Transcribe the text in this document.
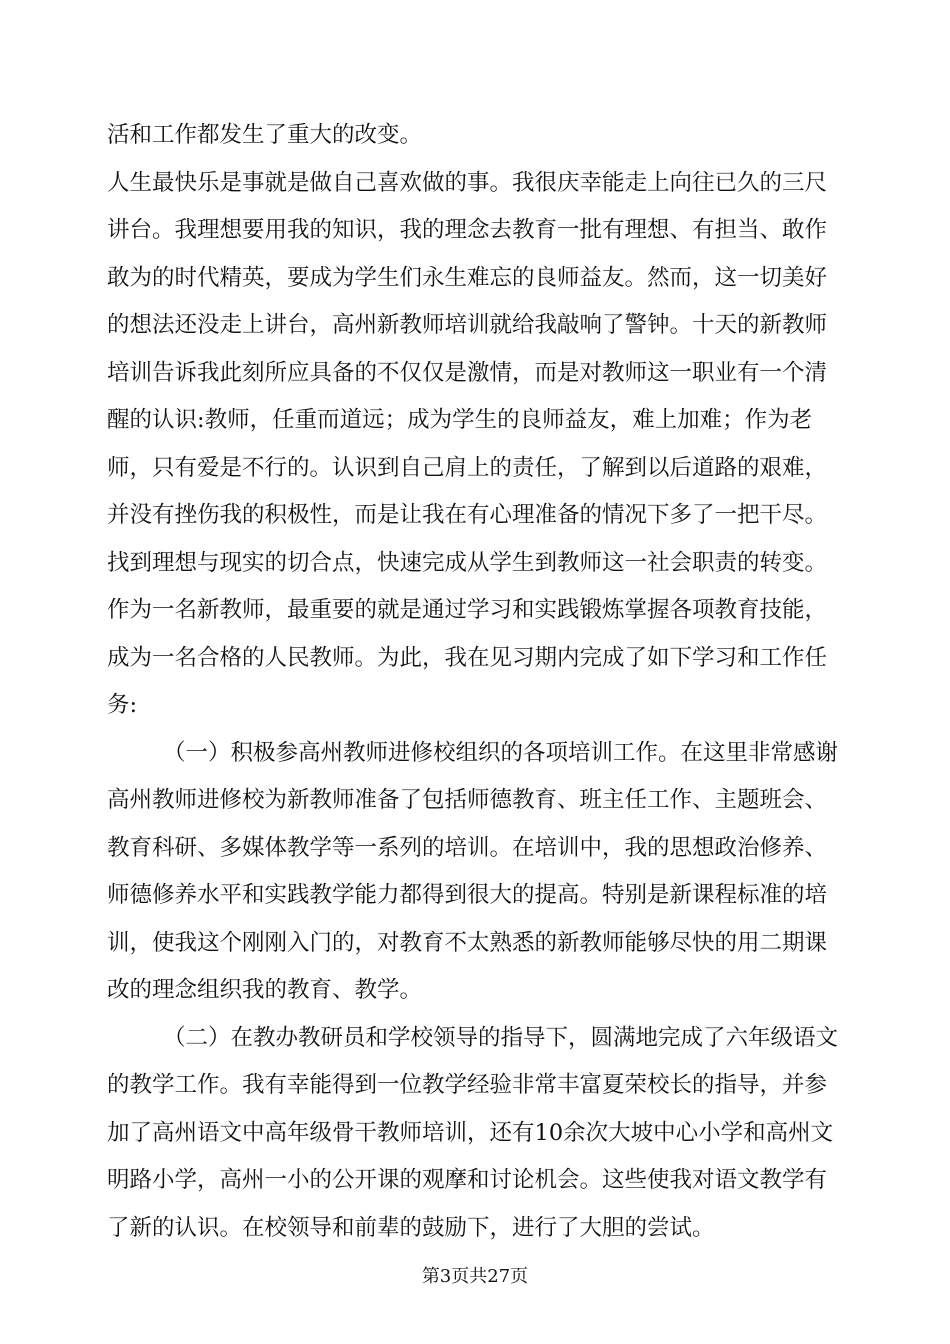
活和工作都发生了重大的改变。
人生最快乐是事就是做自己喜欢做的事。我很庆幸能走上向往已久的三尺
讲台。我理想要用我的知识，我的理念去教育一批有理想、有担当、敢作
敢为的时代精英，要成为学生们永生难忘的良师益友。然而，这一切美好
的想法还没走上讲台，高州新教师培训就给我敲响了警钟。十天的新教师
培训告诉我此刻所应具备的不仅仅是激情，而是对教师这一职业有一个清
醒的认识:教师，任重而道远；成为学生的良师益友，难上加难；作为老
师，只有爱是不行的。认识到自己肩上的责任，了解到以后道路的艰难，
并没有挫伤我的积极性，而是让我在有心理准备的情况下多了一把干尽。
找到理想与现实的切合点，快速完成从学生到教师这一社会职责的转变。
作为一名新教师，最重要的就是通过学习和实践锻炼掌握各项教育技能，
成为一名合格的人民教师。为此，我在见习期内完成了如下学习和工作任
务:
（一）积极参高州教师进修校组织的各项培训工作。在这里非常感谢
高州教师进修校为新教师准备了包括师德教育、班主任工作、主题班会、
教育科研、多媒体教学等一系列的培训。在培训中，我的思想政治修养、
师德修养水平和实践教学能力都得到很大的提高。特别是新课程标准的培
训，使我这个刚刚入门的，对教育不太熟悉的新教师能够尽快的用二期课
改的理念组织我的教育、教学。
（二）在教办教研员和学校领导的指导下，圆满地完成了六年级语文
的教学工作。我有幸能得到一位教学经验非常丰富夏荣校长的指导，并参
加了高州语文中高年级骨干教师培训，还有10余次大坡中心小学和高州文
明路小学，高州一小的公开课的观摩和讨论机会。这些使我对语文教学有
了新的认识。在校领导和前辈的鼓励下，进行了大胆的尝试。
第3页共27页
